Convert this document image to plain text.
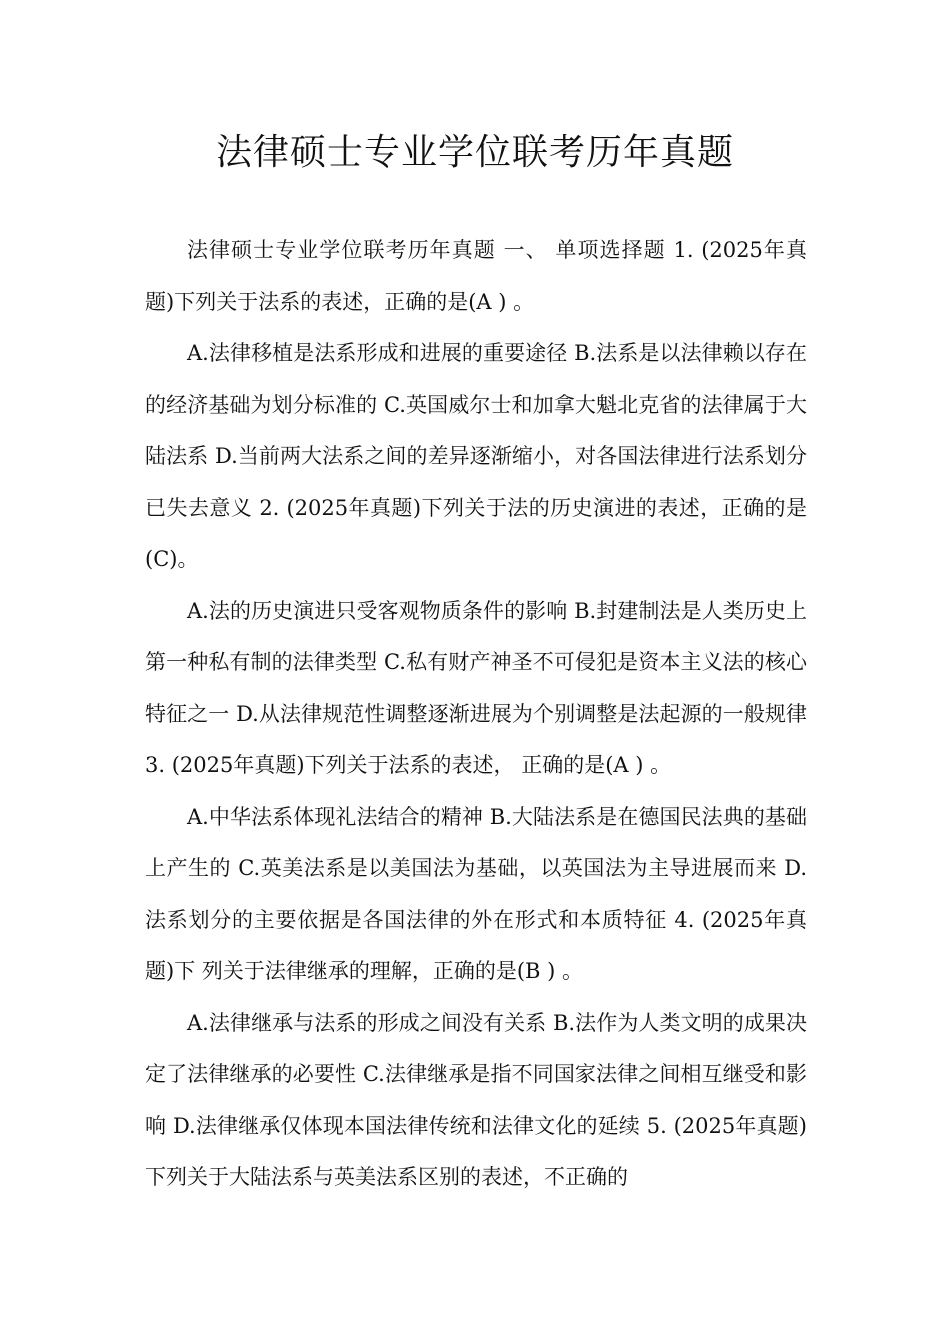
法律硕士专业学位联考历年真题

法律硕士专业学位联考历年真题 一、 单项选择题 1. (2025年真题)下列关于法系的表述，正确的是(A ) 。

A.法律移植是法系形成和进展的重要途径 B.法系是以法律赖以存在的经济基础为划分标准的 C.英国威尔士和加拿大魁北克省的法律属于大陆法系 D.当前两大法系之间的差异逐渐缩小，对各国法律进行法系划分已失去意义 2. (2025年真题)下列关于法的历史演进的表述，正确的是(C)。

A.法的历史演进只受客观物质条件的影响 B.封建制法是人类历史上第一种私有制的法律类型 C.私有财产神圣不可侵犯是资本主义法的核心特征之一 D.从法律规范性调整逐渐进展为个别调整是法起源的一般规律 3. (2025年真题)下列关于法系的表述， 正确的是(A ) 。

A.中华法系体现礼法结合的精神 B.大陆法系是在德国民法典的基础上产生的 C.英美法系是以美国法为基础，以英国法为主导进展而来 D.法系划分的主要依据是各国法律的外在形式和本质特征 4. (2025年真题)下 列关于法律继承的理解，正确的是(B ) 。

A.法律继承与法系的形成之间没有关系 B.法作为人类文明的成果决定了法律继承的必要性 C.法律继承是指不同国家法律之间相互继受和影响 D.法律继承仅体现本国法律传统和法律文化的延续 5. (2025年真题)下列关于大陆法系与英美法系区别的表述，不正确的
